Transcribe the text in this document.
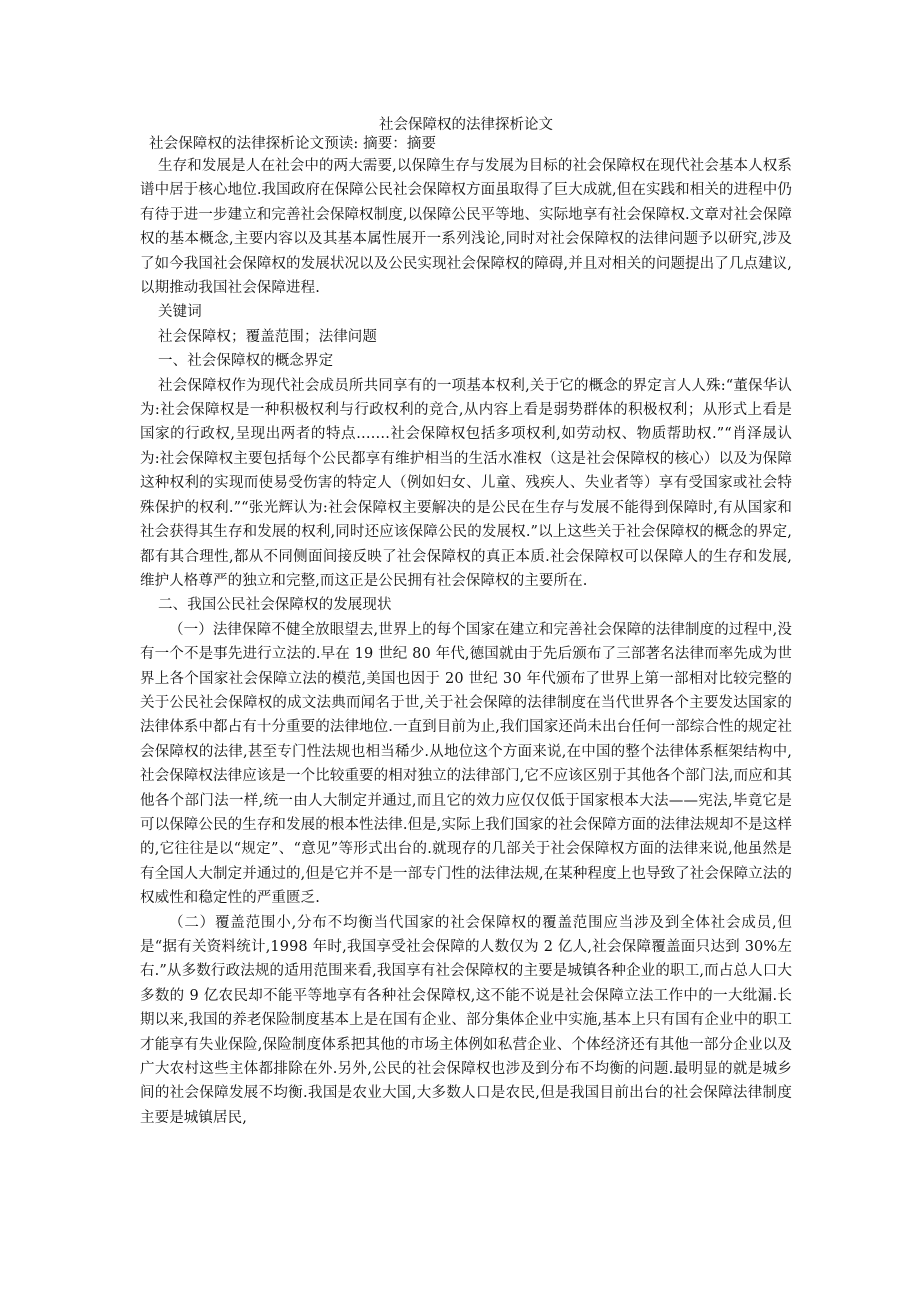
社会保障权的法律探析论文

社会保障权的法律探析论文预读: 摘要：摘要

生存和发展是人在社会中的两大需要,以保障生存与发展为目标的社会保障权在现代社会基本人权系谱中居于核心地位.我国政府在保障公民社会保障权方面虽取得了巨大成就,但在实践和相关的进程中仍有待于进一步建立和完善社会保障权制度,以保障公民平等地、实际地享有社会保障权.文章对社会保障权的基本概念,主要内容以及其基本属性展开一系列浅论,同时对社会保障权的法律问题予以研究,涉及了如今我国社会保障权的发展状况以及公民实现社会保障权的障碍,并且对相关的问题提出了几点建议,以期推动我国社会保障进程.

关键词

社会保障权；覆盖范围；法律问题

一、社会保障权的概念界定

社会保障权作为现代社会成员所共同享有的一项基本权利,关于它的概念的界定言人人殊:“董保华认为:社会保障权是一种积极权利与行政权利的竞合,从内容上看是弱势群体的积极权利；从形式上看是国家的行政权,呈现出两者的特点…….社会保障权包括多项权利,如劳动权、物质帮助权.”“肖泽晟认为:社会保障权主要包括每个公民都享有维护相当的生活水准权（这是社会保障权的核心）以及为保障这种权利的实现而使易受伤害的特定人（例如妇女、儿童、残疾人、失业者等）享有受国家或社会特殊保护的权利.”“张光辉认为:社会保障权主要解决的是公民在生存与发展不能得到保障时,有从国家和社会获得其生存和发展的权利,同时还应该保障公民的发展权.”以上这些关于社会保障权的概念的界定,都有其合理性,都从不同侧面间接反映了社会保障权的真正本质.社会保障权可以保障人的生存和发展,维护人格尊严的独立和完整,而这正是公民拥有社会保障权的主要所在.

二、我国公民社会保障权的发展现状

（一）法律保障不健全放眼望去,世界上的每个国家在建立和完善社会保障的法律制度的过程中,没有一个不是事先进行立法的.早在 19 世纪 80 年代,德国就由于先后颁布了三部著名法律而率先成为世界上各个国家社会保障立法的模范,美国也因于 20 世纪 30 年代颁布了世界上第一部相对比较完整的关于公民社会保障权的成文法典而闻名于世,关于社会保障的法律制度在当代世界各个主要发达国家的法律体系中都占有十分重要的法律地位.一直到目前为止,我们国家还尚未出台任何一部综合性的规定社会保障权的法律,甚至专门性法规也相当稀少.从地位这个方面来说,在中国的整个法律体系框架结构中,社会保障权法律应该是一个比较重要的相对独立的法律部门,它不应该区别于其他各个部门法,而应和其他各个部门法一样,统一由人大制定并通过,而且它的效力应仅仅低于国家根本大法——宪法,毕竟它是可以保障公民的生存和发展的根本性法律.但是,实际上我们国家的社会保障方面的法律法规却不是这样的,它往往是以“规定”、“意见”等形式出台的.就现存的几部关于社会保障权方面的法律来说,他虽然是有全国人大制定并通过的,但是它并不是一部专门性的法律法规,在某种程度上也导致了社会保障立法的权威性和稳定性的严重匮乏.

（二）覆盖范围小,分布不均衡当代国家的社会保障权的覆盖范围应当涉及到全体社会成员,但是“据有关资料统计,1998 年时,我国享受社会保障的人数仅为 2 亿人,社会保障覆盖面只达到 30%左右.”从多数行政法规的适用范围来看,我国享有社会保障权的主要是城镇各种企业的职工,而占总人口大多数的 9 亿农民却不能平等地享有各种社会保障权,这不能不说是社会保障立法工作中的一大纰漏.长期以来,我国的养老保险制度基本上是在国有企业、部分集体企业中实施,基本上只有国有企业中的职工才能享有失业保险,保险制度体系把其他的市场主体例如私营企业、个体经济还有其他一部分企业以及广大农村这些主体都排除在外.另外,公民的社会保障权也涉及到分布不均衡的问题.最明显的就是城乡间的社会保障发展不均衡.我国是农业大国,大多数人口是农民,但是我国目前出台的社会保障法律制度主要是城镇居民,
